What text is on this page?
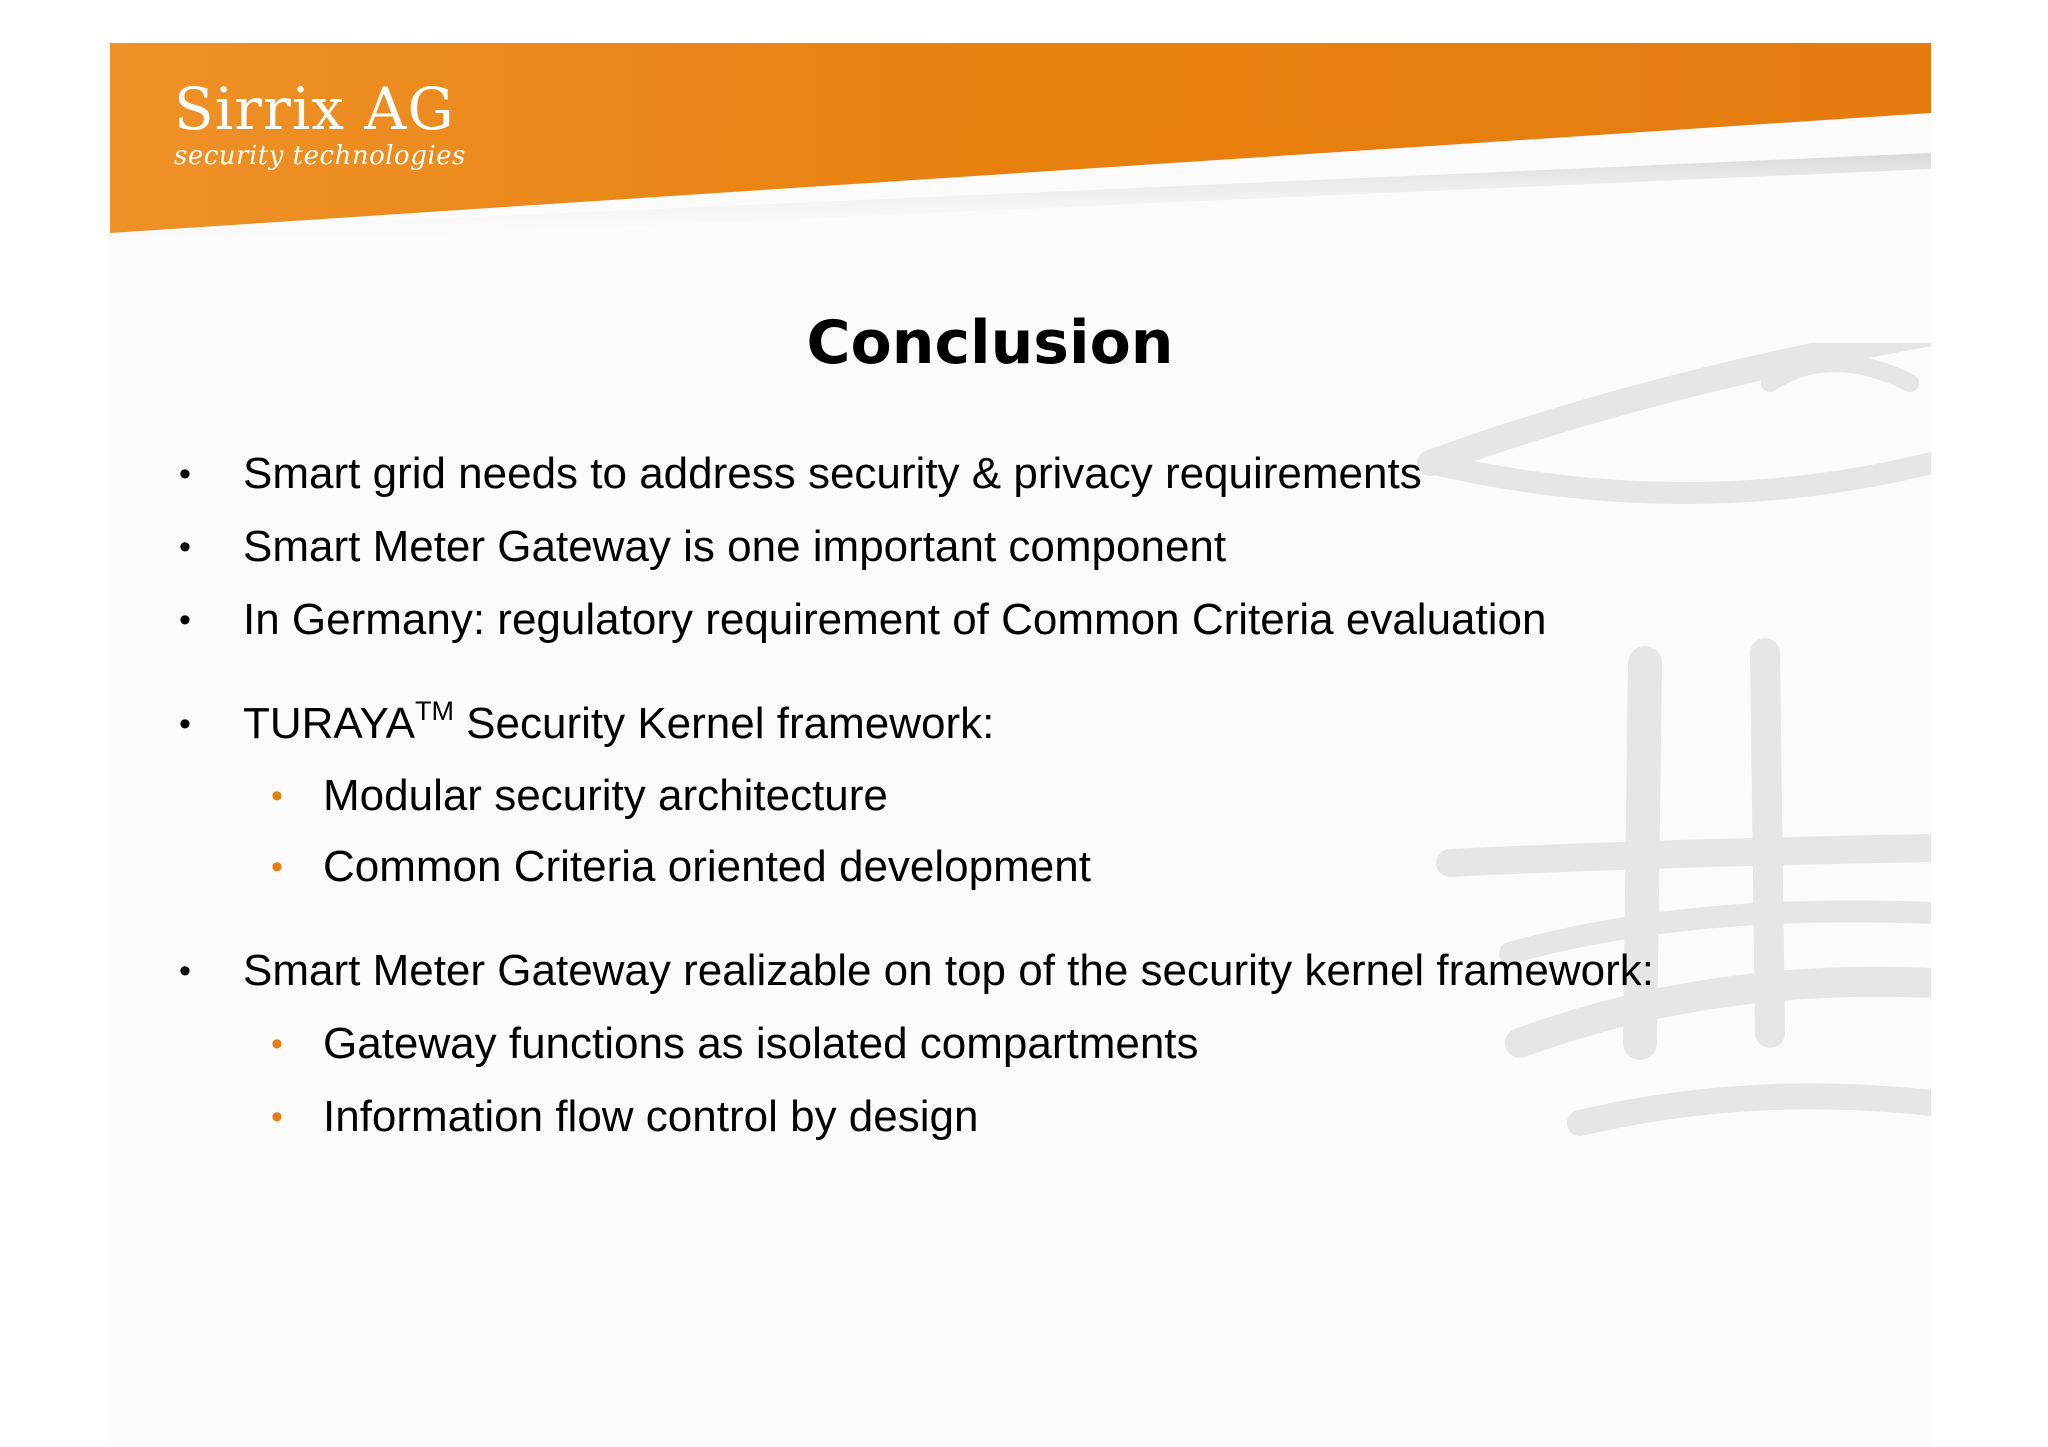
Sirrix AG
security technologies
Conclusion
• Smart grid needs to address security & privacy requirements
• Smart Meter Gateway is one important component
• In Germany: regulatory requirement of Common Criteria evaluation
• TURAYA™ Security Kernel framework:
• Modular security architecture
• Common Criteria oriented development
• Smart Meter Gateway realizable on top of the security kernel framework:
• Gateway functions as isolated compartments
• Information flow control by design
